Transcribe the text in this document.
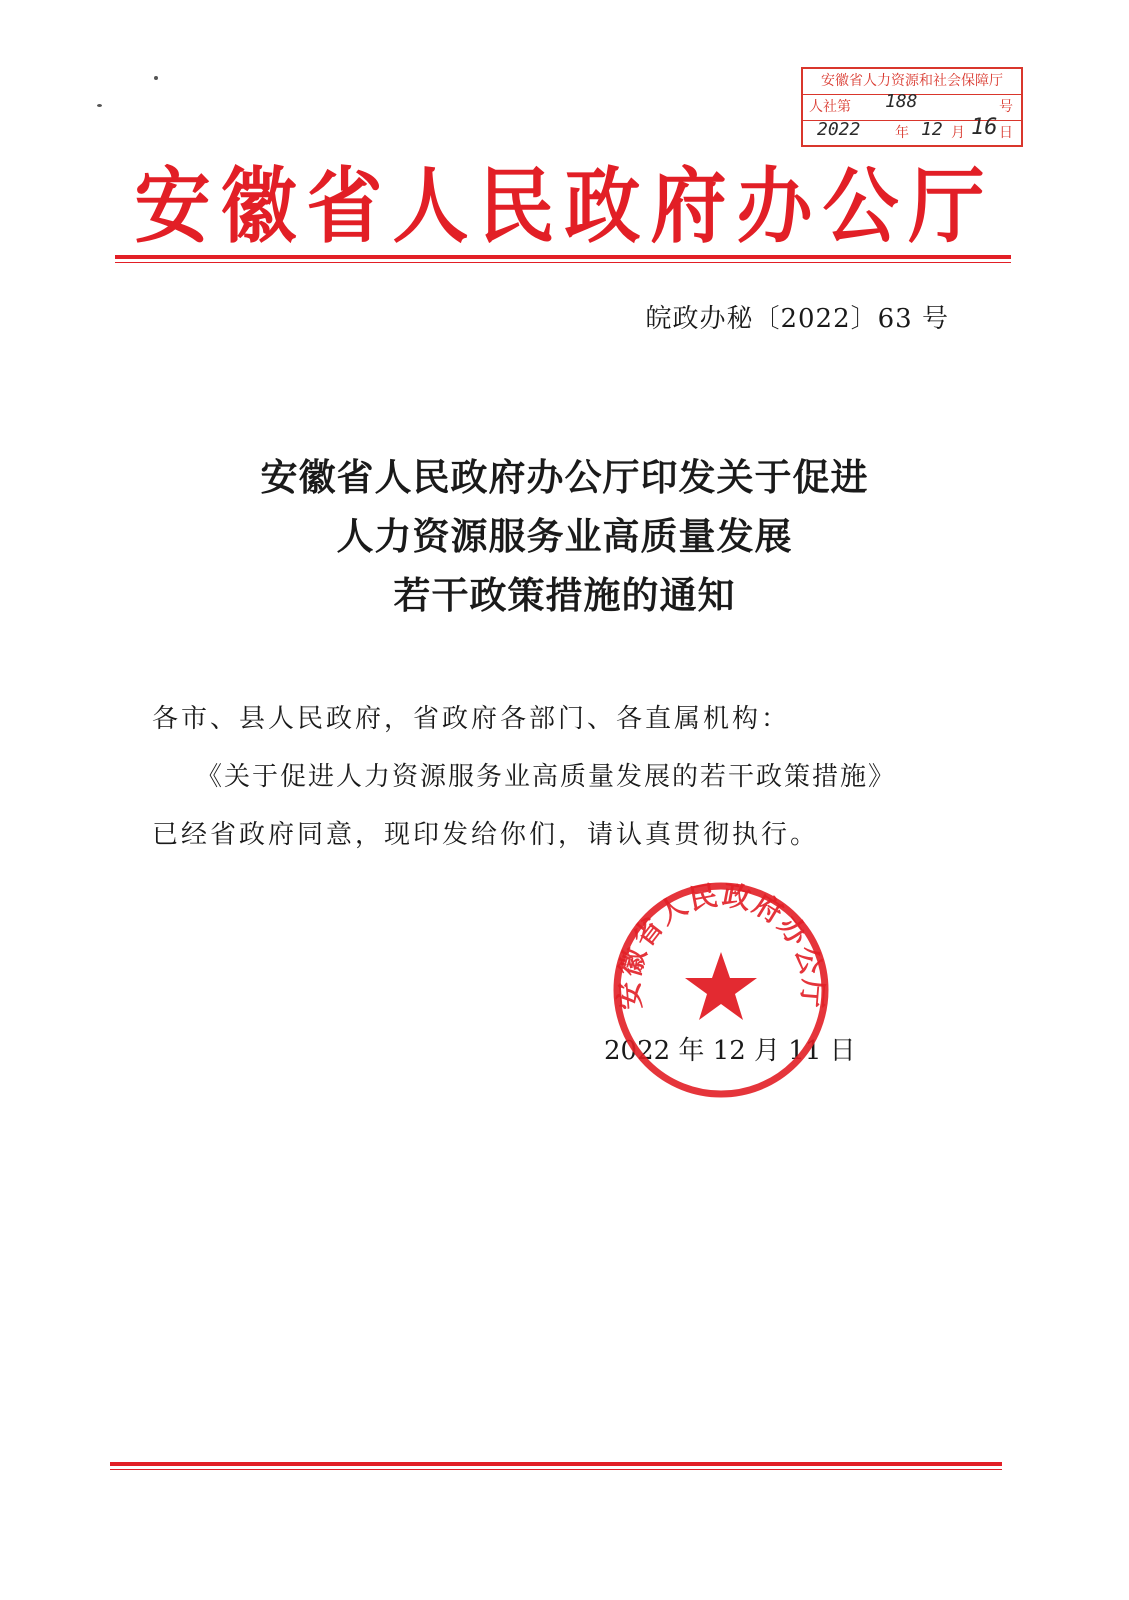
安徽省人力资源和社会保障厅
人社第 188	号
2022 年 12 月 16 日
安徽省人民政府办公厅
皖政办秘〔2022〕63 号
安徽省人民政府办公厅印发关于促进
人力资源服务业高质量发展
若干政策措施的通知

各市、县人民政府，省政府各部门、各直属机构：

《关于促进人力资源服务业高质量发展的若干政策措施》

已经省政府同意，现印发给你们，请认真贯彻执行。

2022 年 12 月 11 日
安徽省人民政府办公厅
